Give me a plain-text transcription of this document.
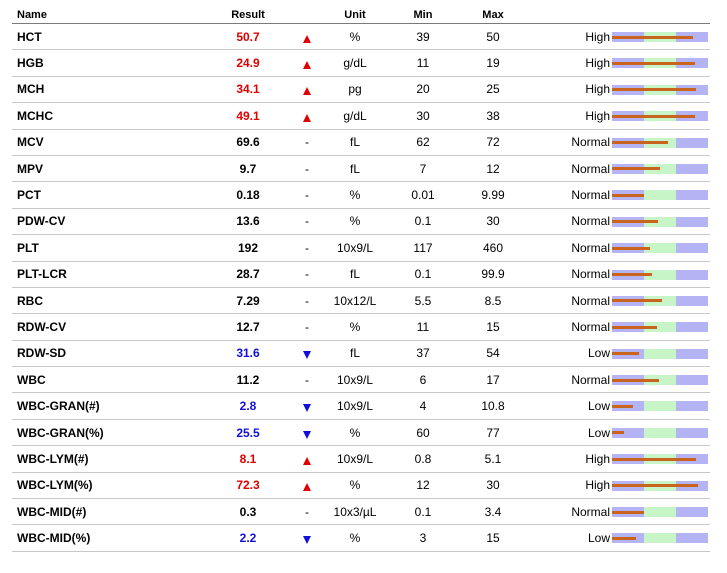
Name	Result	Unit	Min	Max
HCT	50.7	%	39	50	High
HGB	24.9	g/dL	11	19	High
MCH	34.1	pg	20	25	High
MCHC	49.1	g/dL	30	38	High
MCV	69.6	-	fL	62	72	Normal
MPV	9.7	-	fL	7	12	Normal
PCT	0.18	-	%	0.01	9.99	Normal
PDW-CV	13.6	-	%	0.1	30	Normal
PLT	192	-	10x9/L	117	460	Normal
PLT-LCR	28.7	-	fL	0.1	99.9	Normal
RBC	7.29	-	10x12/L	5.5	8.5	Normal
RDW-CV	12.7	-	%	11	15	Normal
RDW-SD	31.6	fL	37	54	Low
WBC	11.2	-	10x9/L	6	17	Normal
WBC-GRAN(#)	2.8	10x9/L	4	10.8	Low
WBC-GRAN(%)	25.5	%	60	77	Low
WBC-LYM(#)	8.1	10x9/L	0.8	5.1	High
WBC-LYM(%)	72.3	%	12	30	High
WBC-MID(#)	0.3	-	10x3/µL	0.1	3.4	Normal
WBC-MID(%)	2.2	%	3	15	Low
